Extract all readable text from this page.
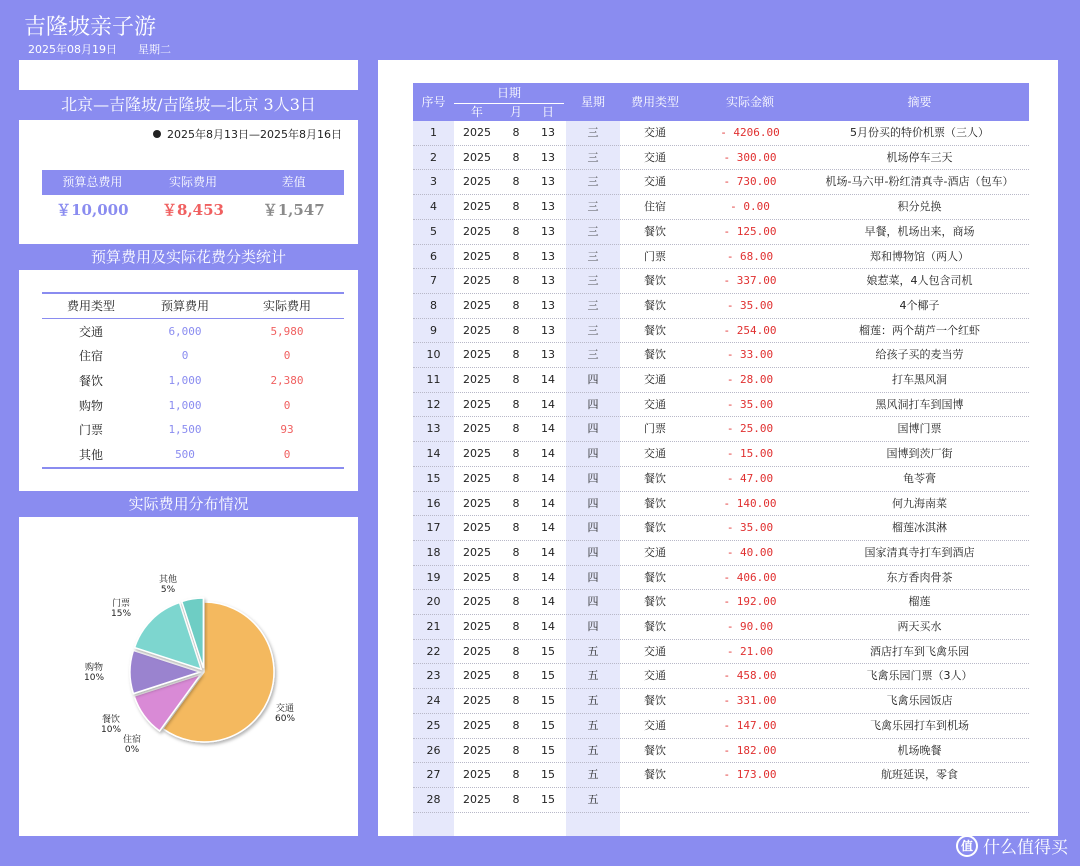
吉隆坡亲子游
2025年08月19日 星期二
北京—吉隆坡/吉隆坡—北京 3人3日
2025年8月13日—2025年8月16日
预算总费用	实际费用	差值
￥10,000	￥8,453	￥1,547
预算费用及实际花费分类统计
费用类型	预算费用	实际费用
交通	6,000	5,980
住宿	0	0
餐饮	1,000	2,380
购物	1,000	0
门票	1,500	93
其他	500	0
实际费用分布情况
其他
5%
门票
15%
购物
10%
餐饮
10%
住宿
0%
交通
60%
序号
日期
年	月	日
星期	费用类型	实际金额	摘要
1	2025	8	13	三	交通	- 4206.00	5月份买的特价机票（三人）
2	2025	8	13	三	交通	- 300.00	机场停车三天
3	2025	8	13	三	交通	- 730.00	机场-马六甲-粉红清真寺-酒店（包车）
4	2025	8	13	三	住宿	- 0.00	积分兑换
5	2025	8	13	三	餐饮	- 125.00	早餐，机场出来，商场
6	2025	8	13	三	门票	- 68.00	郑和博物馆（两人）
7	2025	8	13	三	餐饮	- 337.00	娘惹菜，4人包含司机
8	2025	8	13	三	餐饮	- 35.00	4个椰子
9	2025	8	13	三	餐饮	- 254.00	榴莲：两个葫芦一个红虾
10	2025	8	13	三	餐饮	- 33.00	给孩子买的麦当劳
11	2025	8	14	四	交通	- 28.00	打车黑风洞
12	2025	8	14	四	交通	- 35.00	黑风洞打车到国博
13	2025	8	14	四	门票	- 25.00	国博门票
14	2025	8	14	四	交通	- 15.00	国博到茨厂街
15	2025	8	14	四	餐饮	- 47.00	龟苓膏
16	2025	8	14	四	餐饮	- 140.00	何九海南菜
17	2025	8	14	四	餐饮	- 35.00	榴莲冰淇淋
18	2025	8	14	四	交通	- 40.00	国家清真寺打车到酒店
19	2025	8	14	四	餐饮	- 406.00	东方香肉骨茶
20	2025	8	14	四	餐饮	- 192.00	榴莲
21	2025	8	14	四	餐饮	- 90.00	两天买水
22	2025	8	15	五	交通	- 21.00	酒店打车到飞禽乐园
23	2025	8	15	五	交通	- 458.00	飞禽乐园门票（3人）
24	2025	8	15	五	餐饮	- 331.00	飞禽乐园饭店
25	2025	8	15	五	交通	- 147.00	飞禽乐园打车到机场
26	2025	8	15	五	餐饮	- 182.00	机场晚餐
27	2025	8	15	五	餐饮	- 173.00	航班延误，零食
28	2025	8	15	五
值 什么值得买
